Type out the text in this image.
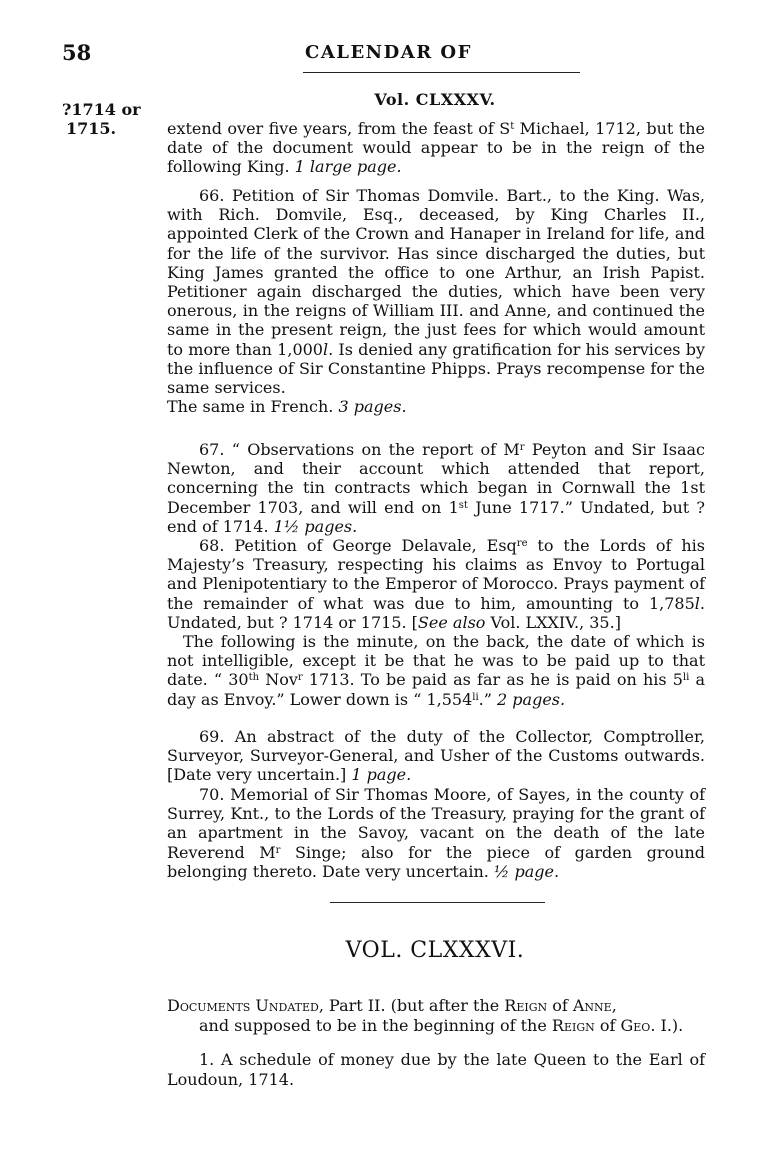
58	CALENDAR OF
Vol. CLXXXV.
?1714 or
1715.	extend over five years, from the feast of $S^t$ Michael, 1712, but the date of the document would appear to be in the reign of the following King. 1 large page.

66. Petition of Sir Thomas Domvile. Bart., to the King. Was, with Rich. Domvile, Esq., deceased, by King Charles II., appointed Clerk of the Crown and Hanaper in Ireland for life, and for the life of the survivor. Has since discharged the duties, but King James granted the office to one Arthur, an Irish Papist. Petitioner again discharged the duties, which have been very onerous, in the reigns of William III. and Anne, and continued the same in the present reign, the just fees for which would amount to more than 1,000l. Is denied any gratification for his services by the influence of Sir Constantine Phipps. Prays recompense for the same services.

The same in French. 3 pages.

67. “ Observations on the report of $M^r$ Peyton and Sir Isaac Newton, and their account which attended that report, concerning the tin contracts which began in Cornwall the 1st December 1703, and will end on 1st June 1717.” Undated, but ? end of 1714. 1½ pages.

68. Petition of George Delavale, Esq$^{re}$ to the Lords of his Majesty’s Treasury, respecting his claims as Envoy to Portugal and Plenipotentiary to the Emperor of Morocco. Prays payment of the remainder of what was due to him, amounting to 1,785l. Undated, but ? 1714 or 1715. [See also Vol. LXXIV., 35.]

The following is the minute, on the back, the date of which is not intelligible, except it be that he was to be paid up to that date. “ 30th Nov$^r$ 1713. To be paid as far as he is paid on his $5^{li}$ a day as Envoy.” Lower down is “ $1,554^{li}$.” 2 pages.

69. An abstract of the duty of the Collector, Comptroller, Surveyor, Surveyor-General, and Usher of the Customs outwards. [Date very uncertain.] 1 page.

70. Memorial of Sir Thomas Moore, of Sayes, in the county of Surrey, Knt., to the Lords of the Treasury, praying for the grant of an apartment in the Savoy, vacant on the death of the late Reverend $M^r$ Singe; also for the piece of garden ground belonging thereto. Date very uncertain. ½ page.

VOL. CLXXXVI.
Documents Undated, Part II. (but after the Reign of Anne,
and supposed to be in the beginning of the Reign of Geo. I.).

1. A schedule of money due by the late Queen to the Earl of Loudoun, 1714.
